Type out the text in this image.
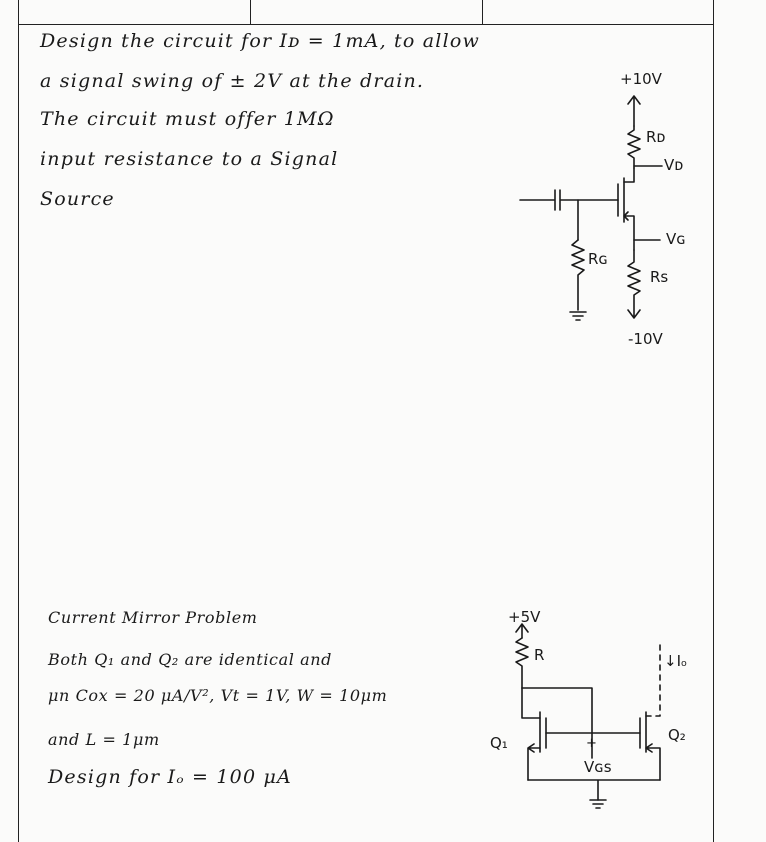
Design the circuit for Iᴅ = 1mA, to allow
a signal swing of ± 2V at the drain.
The circuit must offer 1MΩ
input resistance to a Signal
Source
+10V
Rᴅ
Vᴅ
Vɢ
Rɢ
Rs
-10V
Current Mirror Problem
Both Q₁ and Q₂ are identical and
μn Cox = 20 μA/V², Vt = 1V, W = 10μm
and L = 1μm
Design for Iₒ = 100 μA
+5V
R	↓Iₒ
Q₁	Q₂
+
Vɢs
